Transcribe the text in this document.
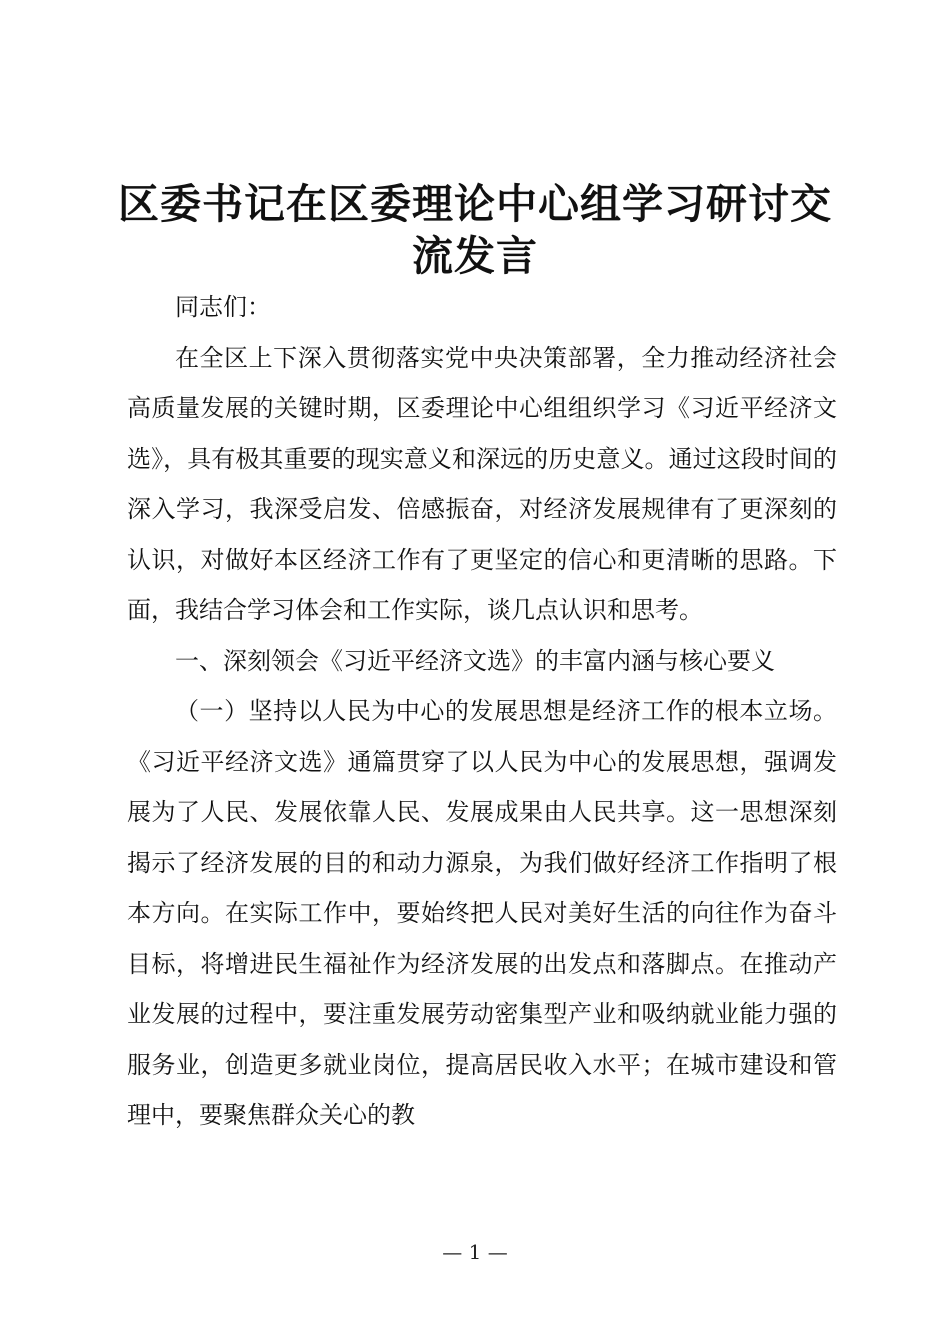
区委书记在区委理论中心组学习研讨交流发言

同志们：

在全区上下深入贯彻落实党中央决策部署，全力推动经济社会高质量发展的关键时期，区委理论中心组组织学习《习近平经济文选》，具有极其重要的现实意义和深远的历史意义。通过这段时间的深入学习，我深受启发、倍感振奋，对经济发展规律有了更深刻的认识，对做好本区经济工作有了更坚定的信心和更清晰的思路。下面，我结合学习体会和工作实际，谈几点认识和思考。

一、深刻领会《习近平经济文选》的丰富内涵与核心要义

（一）坚持以人民为中心的发展思想是经济工作的根本立场。《习近平经济文选》通篇贯穿了以人民为中心的发展思想，强调发展为了人民、发展依靠人民、发展成果由人民共享。这一思想深刻揭示了经济发展的目的和动力源泉，为我们做好经济工作指明了根本方向。在实际工作中，要始终把人民对美好生活的向往作为奋斗目标，将增进民生福祉作为经济发展的出发点和落脚点。在推动产业发展的过程中，要注重发展劳动密集型产业和吸纳就业能力强的服务业，创造更多就业岗位，提高居民收入水平；在城市建设和管理中，要聚焦群众关心的教

— 1 —
